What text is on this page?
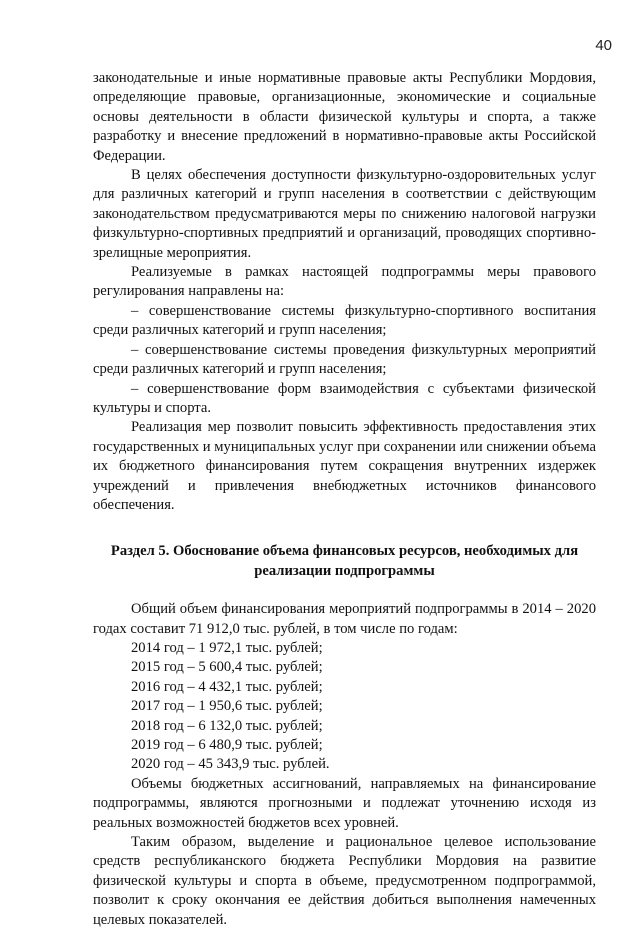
40

законодательные и иные нормативные правовые акты Республики Мордовия, определяющие правовые, организационные, экономические и социальные основы деятельности в области физической культуры и спорта, а также разработку и внесение предложений в нормативно-правовые акты Российской Федерации.

В целях обеспечения доступности физкультурно-оздоровительных услуг для различных категорий и групп населения в соответствии с действующим законодательством предусматриваются меры по снижению налоговой нагрузки физкультурно-спортивных предприятий и организаций, проводящих спортивно-зрелищные мероприятия.

Реализуемые в рамках настоящей подпрограммы меры правового регулирования направлены на:

– совершенствование системы физкультурно-спортивного воспитания среди различных категорий и групп населения;

– совершенствование системы проведения физкультурных мероприятий среди различных категорий и групп населения;

– совершенствование форм взаимодействия с субъектами физической культуры и спорта.

Реализация мер позволит повысить эффективность предоставления этих государственных и муниципальных услуг при сохранении или снижении объема их бюджетного финансирования путем сокращения внутренних издержек учреждений и привлечения внебюджетных источников финансового обеспечения.

Раздел 5. Обоснование объема финансовых ресурсов, необходимых для реализации подпрограммы

Общий объем финансирования мероприятий подпрограммы в 2014 – 2020 годах составит 71 912,0 тыс. рублей, в том числе по годам:

2014 год – 1 972,1 тыс. рублей;

2015 год – 5 600,4 тыс. рублей;

2016 год – 4 432,1 тыс. рублей;

2017 год – 1 950,6 тыс. рублей;

2018 год – 6 132,0 тыс. рублей;

2019 год – 6 480,9 тыс. рублей;

2020 год – 45 343,9 тыс. рублей.

Объемы бюджетных ассигнований, направляемых на финансирование подпрограммы, являются прогнозными и подлежат уточнению исходя из реальных возможностей бюджетов всех уровней.

Таким образом, выделение и рациональное целевое использование средств республиканского бюджета Республики Мордовия на развитие физической культуры и спорта в объеме, предусмотренном подпрограммой, позволит к сроку окончания ее действия добиться выполнения намеченных целевых показателей.
